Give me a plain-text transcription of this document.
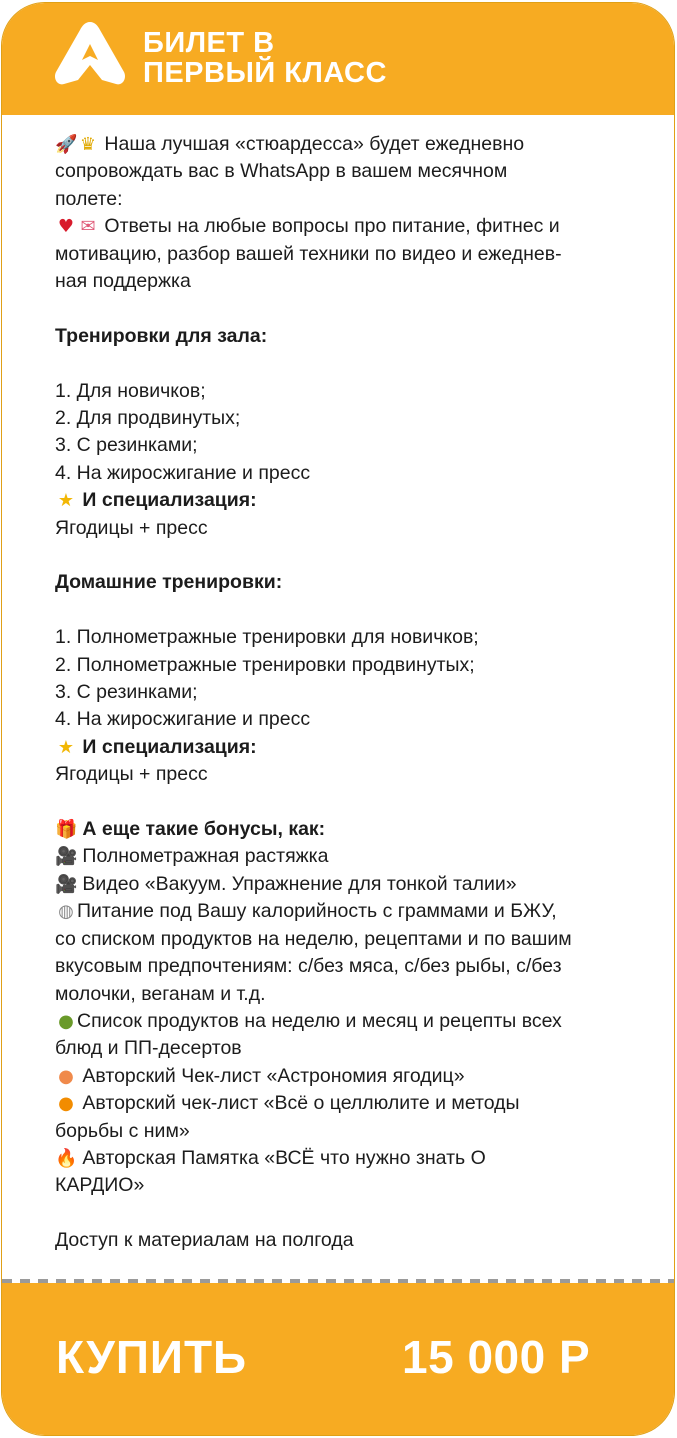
БИЛЕТ В
ПЕРВЫЙ КЛАСС
🚀 ♛ Наша лучшая «стюардесса» будет ежедневно
сопровождать вас в WhatsApp в вашем месячном
полете:
♥ ✉ Ответы на любые вопросы про питание, фитнес и
мотивацию, разбор вашей техники по видео и ежеднев-
ная поддержка
Тренировки для зала:
1. Для новичков;
2. Для продвинутых;
3. С резинками;
4. На жиросжигание и пресс
★ И специализация:
Ягодицы + пресс
Домашние тренировки:
1. Полнометражные тренировки для новичков;
2. Полнометражные тренировки продвинутых;
3. С резинками;
4. На жиросжигание и пресс
★ И специализация:
Ягодицы + пресс
🎁 А еще такие бонусы, как:
🎥 Полнометражная растяжка
🎥 Видео «Вакуум. Упражнение для тонкой талии»
◍ Питание под Вашу калорийность с граммами и БЖУ,
со списком продуктов на неделю, рецептами и по вашим
вкусовым предпочтениям: с/без мяса, с/без рыбы, с/без
молочки, веганам и т.д.
● Список продуктов на неделю и месяц и рецепты всех
блюд и ПП-десертов
● Авторский Чек-лист «Астрономия ягодиц»
● Авторский чек-лист «Всё о целлюлите и методы
борьбы с ним»
🔥 Авторская Памятка «ВСЁ что нужно знать О
КАРДИО»
Доступ к материалам на полгода
КУПИТЬ	15 000 Р
